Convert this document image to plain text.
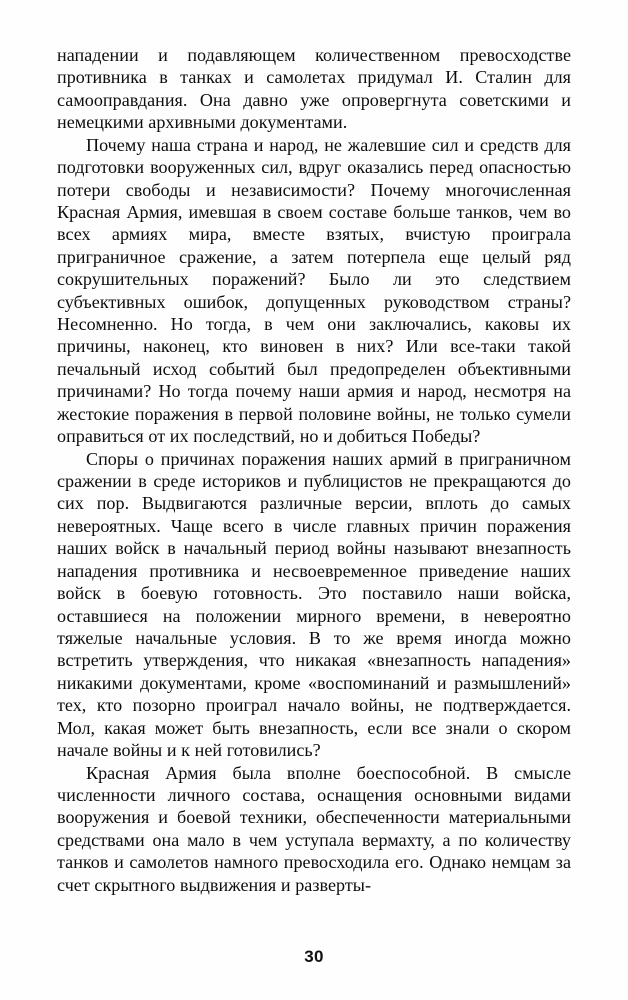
нападении и подавляющем количественном превосходстве противника в танках и самолетах придумал И. Сталин для самооправдания. Она давно уже опровергнута советскими и немецкими архивными документами.

Почему наша страна и народ, не жалевшие сил и средств для подготовки вооруженных сил, вдруг оказались перед опасностью потери свободы и независимости? Почему многочисленная Красная Армия, имевшая в своем составе больше танков, чем во всех армиях мира, вместе взятых, вчистую проиграла приграничное сражение, а затем потерпела еще целый ряд сокрушительных поражений? Было ли это следствием субъективных ошибок, допущенных руководством страны? Несомненно. Но тогда, в чем они заключались, каковы их причины, наконец, кто виновен в них? Или все-таки такой печальный исход событий был предопределен объективными причинами? Но тогда почему наши армия и народ, несмотря на жестокие поражения в первой половине войны, не только сумели оправиться от их последствий, но и добиться Победы?

Споры о причинах поражения наших армий в приграничном сражении в среде историков и публицистов не прекращаются до сих пор. Выдвигаются различные версии, вплоть до самых невероятных. Чаще всего в числе главных причин поражения наших войск в начальный период войны называют внезапность нападения противника и несвоевременное приведение наших войск в боевую готовность. Это поставило наши войска, оставшиеся на положении мирного времени, в невероятно тяжелые начальные условия. В то же время иногда можно встретить утверждения, что никакая «внезапность нападения» никакими документами, кроме «воспоминаний и размышлений» тех, кто позорно проиграл начало войны, не подтверждается. Мол, какая может быть внезапность, если все знали о скором начале войны и к ней готовились?

Красная Армия была вполне боеспособной. В смысле численности личного состава, оснащения основными видами вооружения и боевой техники, обеспеченности материальными средствами она мало в чем уступала вермахту, а по количеству танков и самолетов намного превосходила его. Однако немцам за счет скрытного выдвижения и разверты-

30
